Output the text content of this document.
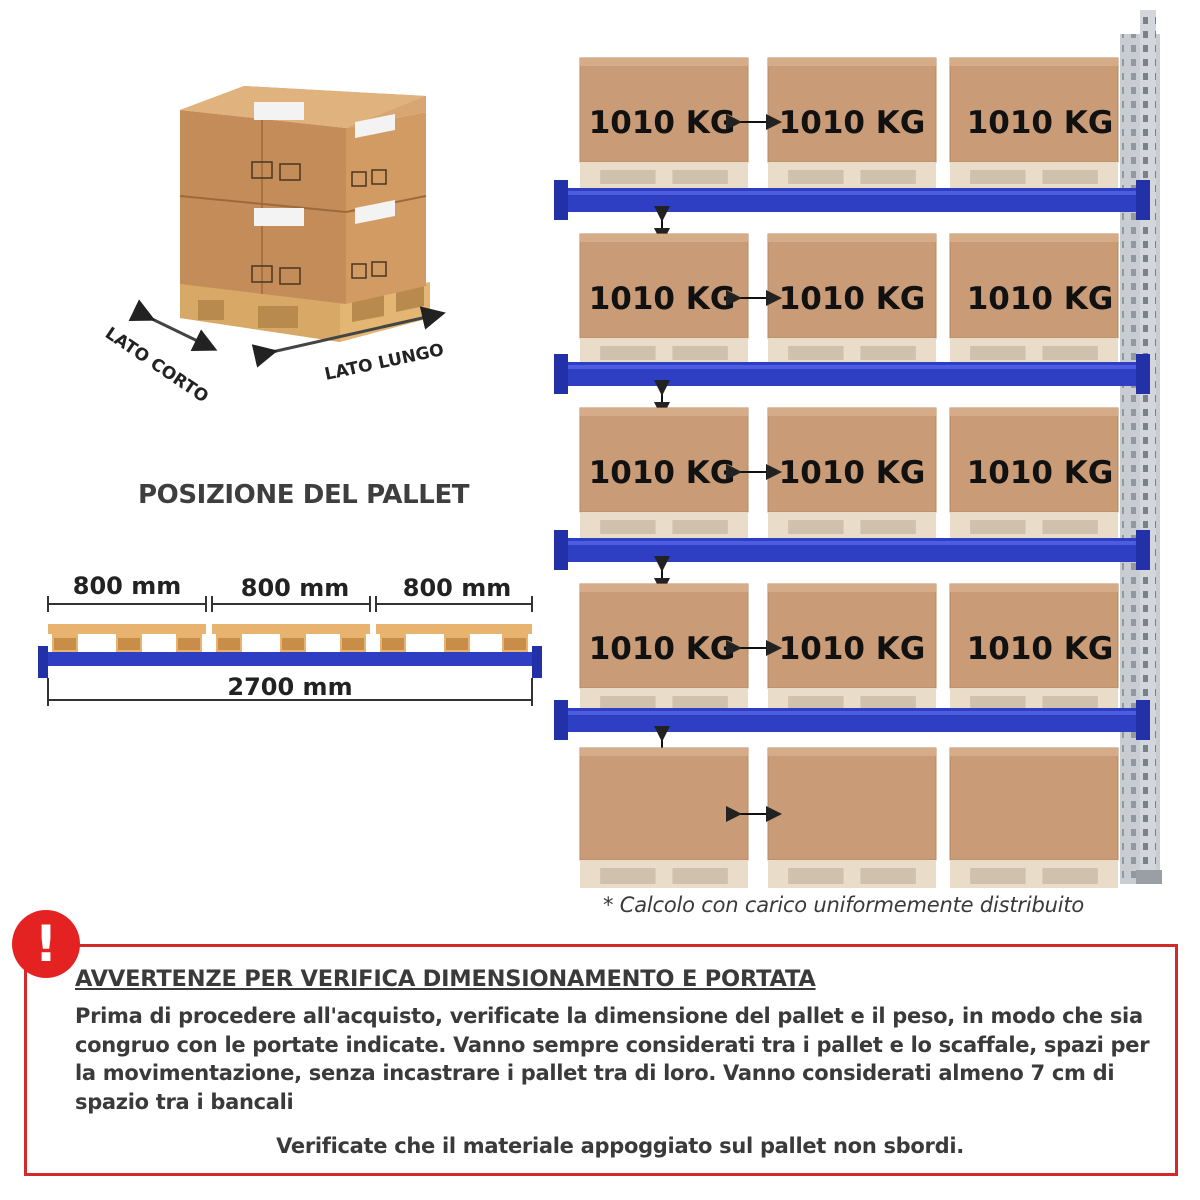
LATO CORTO	LATO LUNGO
800 mm 800 mm 800 mm
2700 mm
1010 KG 1010 KG 1010 KG
1010 KG 1010 KG 1010 KG
1010 KG 1010 KG 1010 KG
1010 KG 1010 KG 1010 KG
POSIZIONE DEL PALLET
* Calcolo con carico uniformemente distribuito
!
AVVERTENZE PER VERIFICA DIMENSIONAMENTO E PORTATA
Prima di procedere all'acquisto, verificate la dimensione del pallet e il peso, in modo che sia congruo con le portate indicate. Vanno sempre considerati tra i pallet e lo scaffale, spazi per la movimentazione, senza incastrare i pallet tra di loro. Vanno considerati almeno 7 cm di spazio tra i bancali
Verificate che il materiale appoggiato sul pallet non sbordi.
